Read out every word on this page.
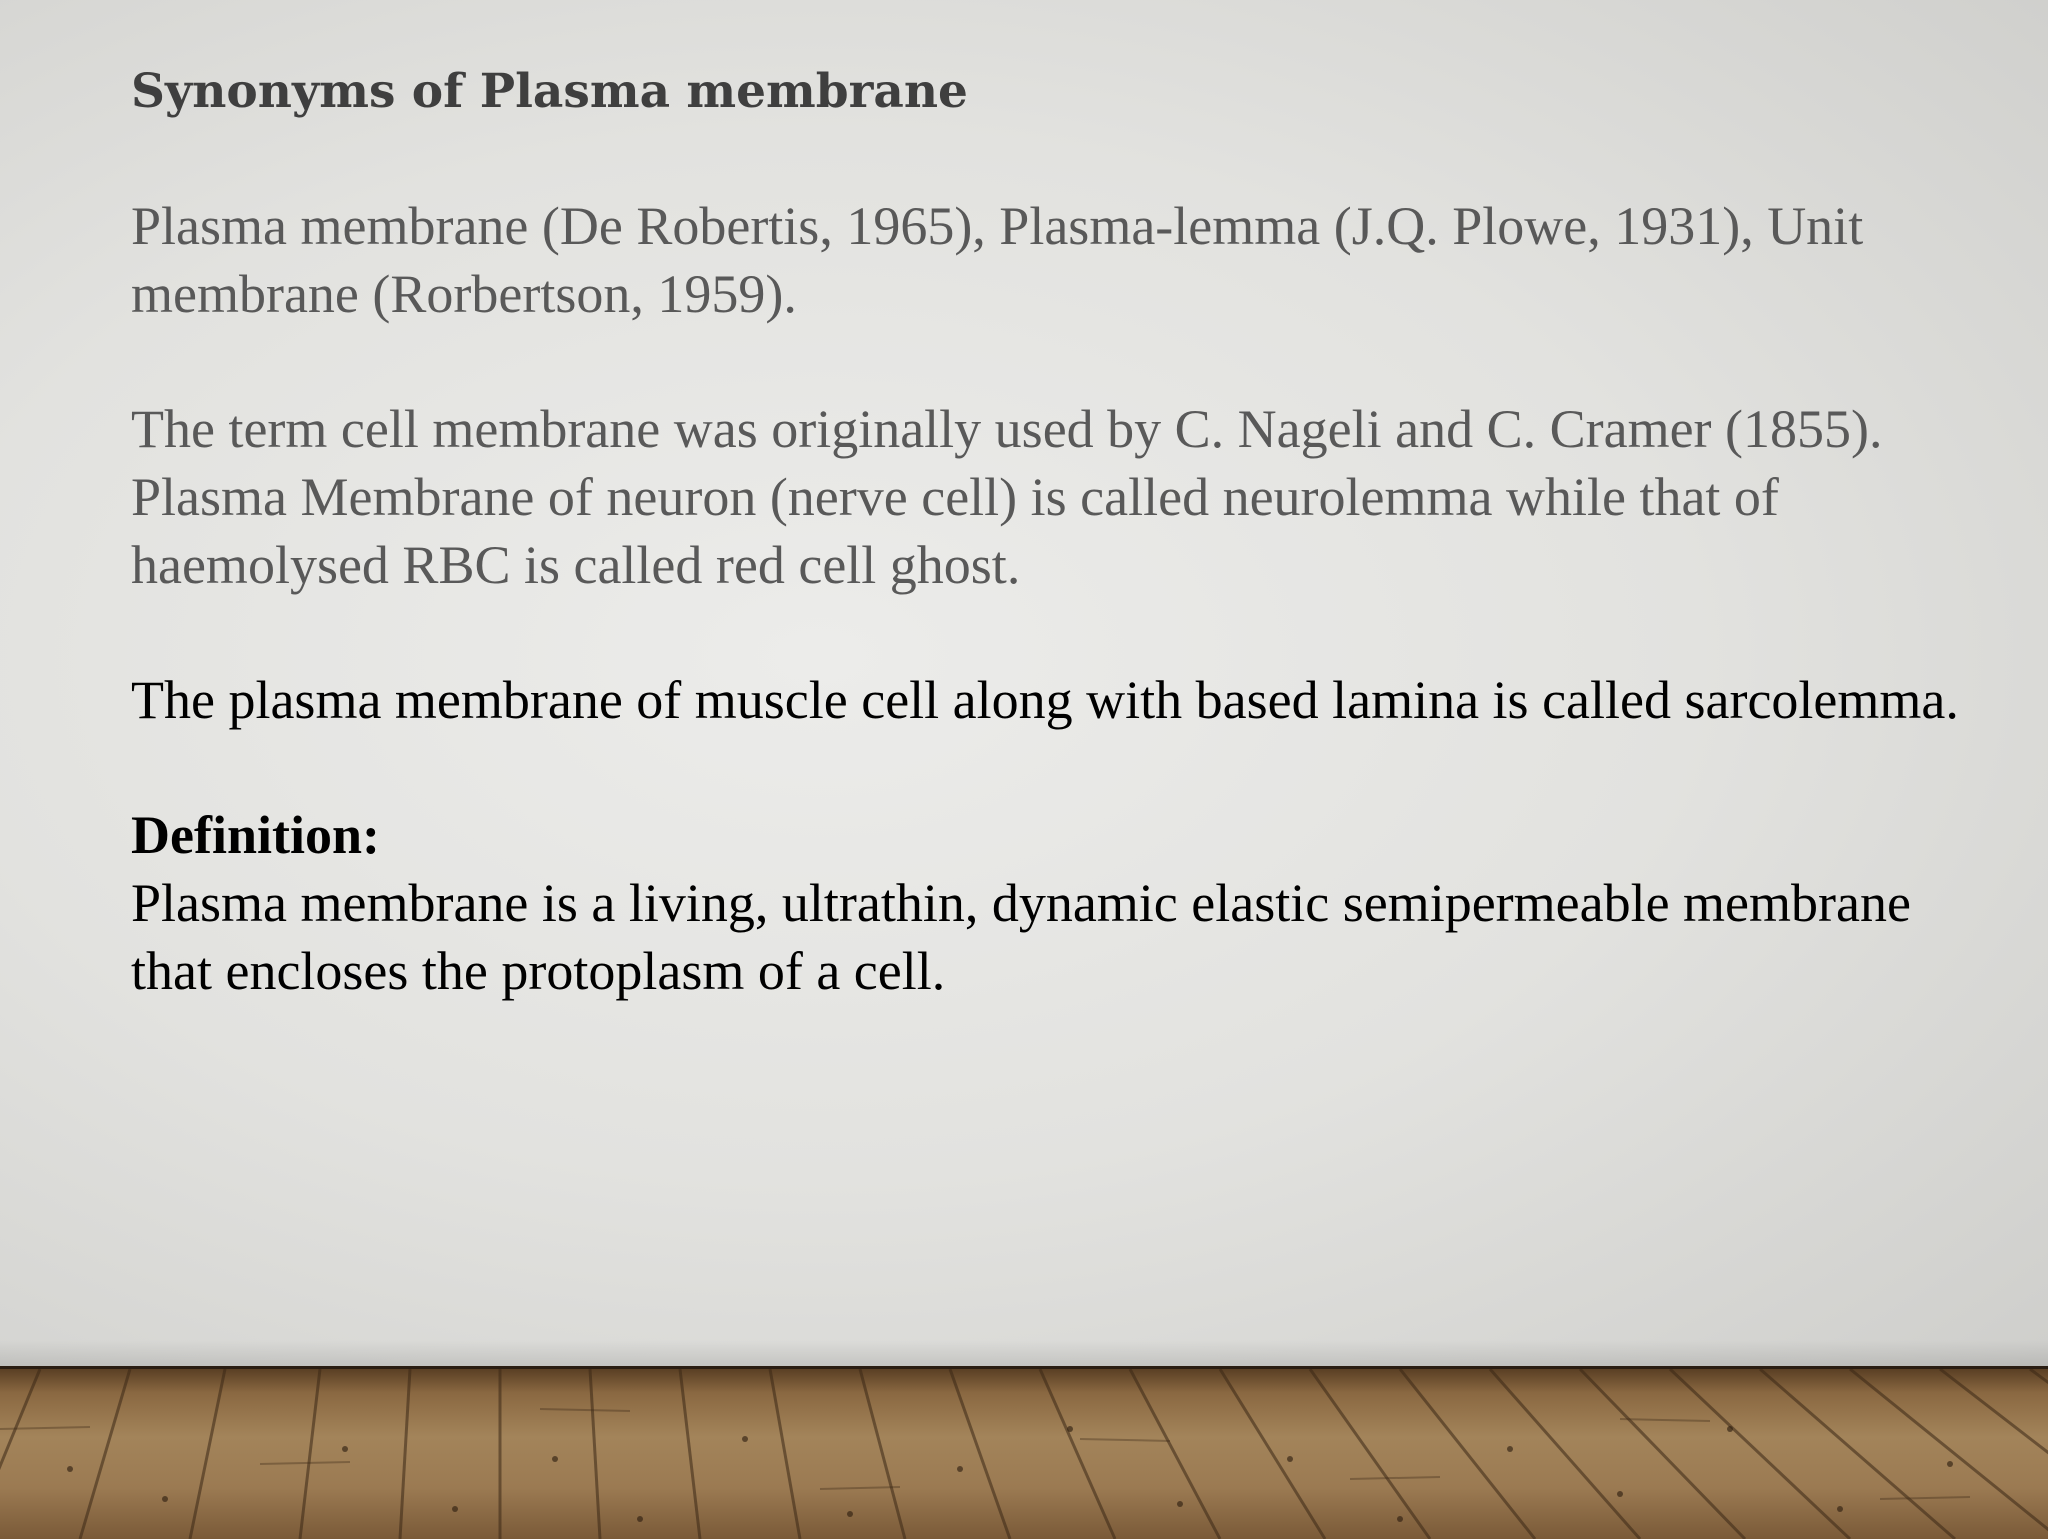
Synonyms of Plasma membrane

Plasma membrane (De Robertis, 1965), Plasma-lemma (J.Q. Plowe, 1931), Unit membrane (Rorbertson, 1959).

The term cell membrane was originally used by C. Nageli and C. Cramer (1855). Plasma Membrane of neuron (nerve cell) is called neurolemma while that of haemolysed RBC is called red cell ghost.

The plasma membrane of muscle cell along with based lamina is called sarcolemma.

Definition:

Plasma membrane is a living, ultrathin, dynamic elastic semipermeable membrane that encloses the protoplasm of a cell.
